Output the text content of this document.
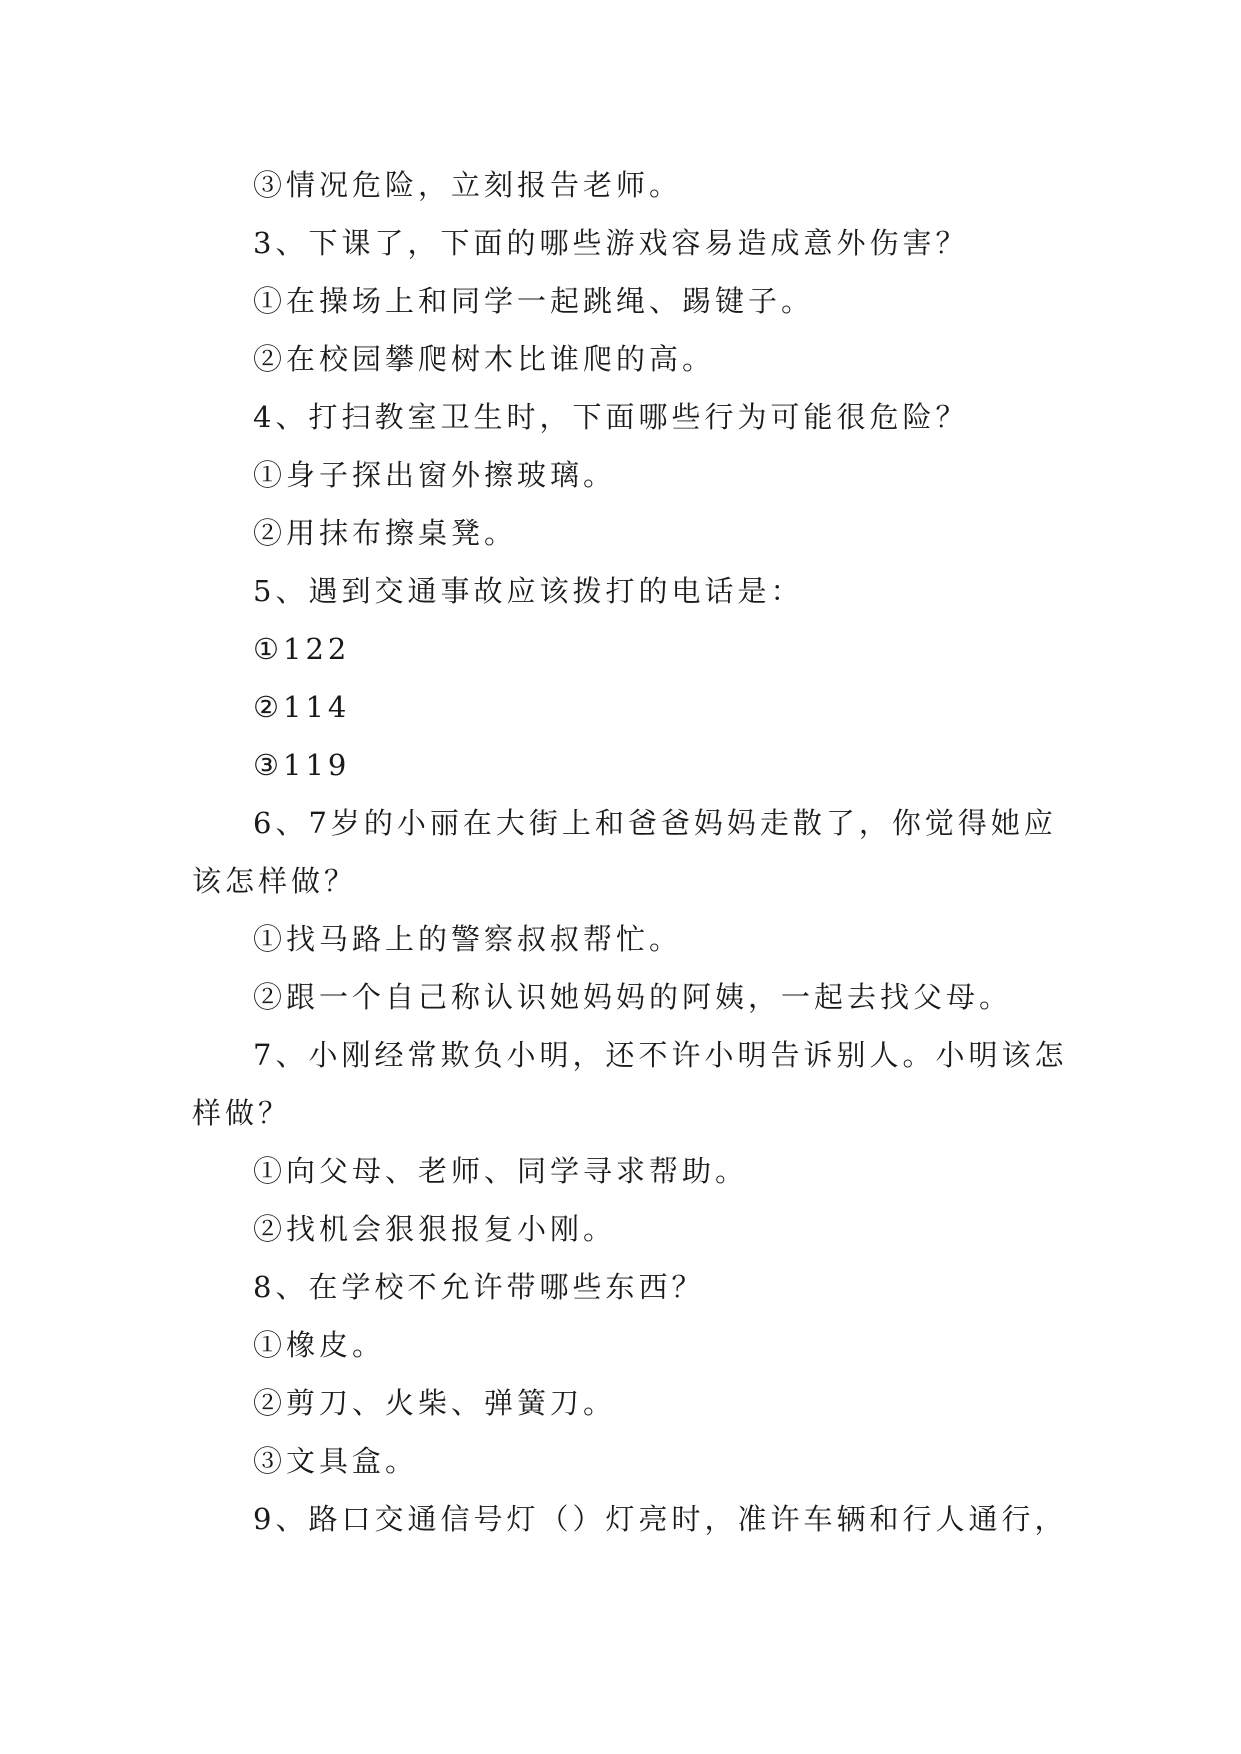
③情况危险，立刻报告老师。

3、下课了，下面的哪些游戏容易造成意外伤害？

①在操场上和同学一起跳绳、踢键子。

②在校园攀爬树木比谁爬的高。

4、打扫教室卫生时，下面哪些行为可能很危险？

①身子探出窗外擦玻璃。

②用抹布擦桌凳。

5、遇到交通事故应该拨打的电话是：

①122

②114

③119

6、7岁的小丽在大街上和爸爸妈妈走散了，你觉得她应该怎样做？

①找马路上的警察叔叔帮忙。

②跟一个自己称认识她妈妈的阿姨，一起去找父母。

7、小刚经常欺负小明，还不许小明告诉别人。小明该怎样做？

①向父母、老师、同学寻求帮助。

②找机会狠狠报复小刚。

8、在学校不允许带哪些东西？

①橡皮。

②剪刀、火柴、弹簧刀。

③文具盒。

9、路口交通信号灯（）灯亮时，准许车辆和行人通行，
